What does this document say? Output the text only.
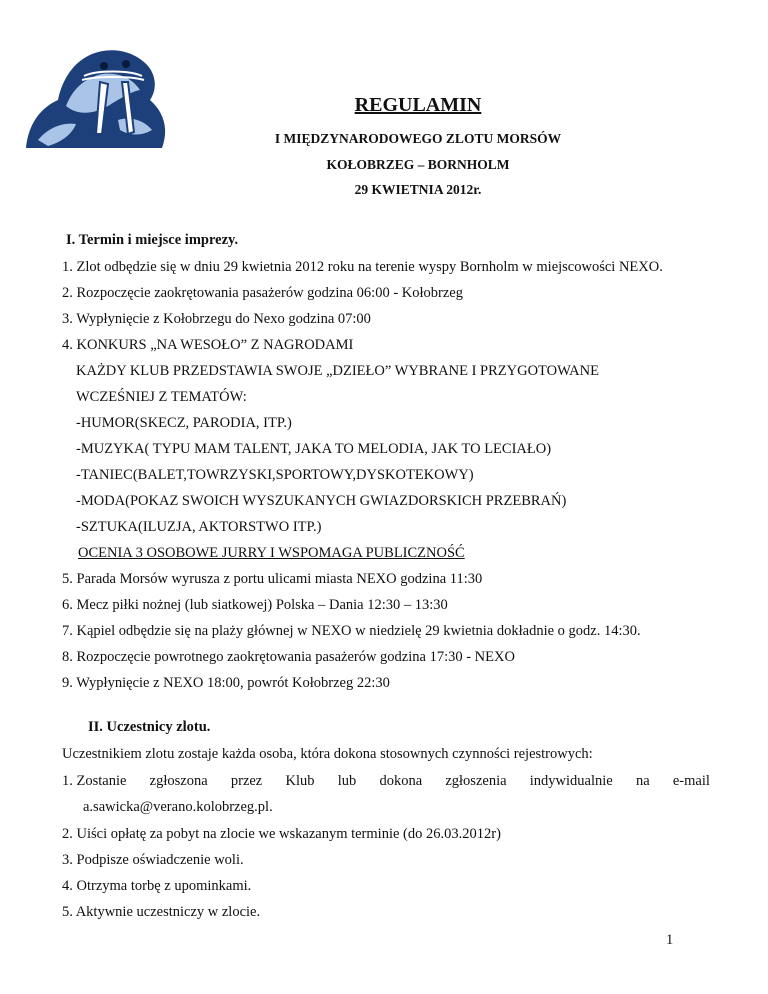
REGULAMIN
I MIĘDZYNARODOWEGO ZLOTU MORSÓW
KOŁOBRZEG – BORNHOLM
29 KWIETNIA 2012r.
I. Termin i miejsce imprezy.
1. Zlot odbędzie się w dniu 29 kwietnia 2012 roku na terenie wyspy Bornholm w miejscowości NEXO.
2. Rozpoczęcie zaokrętowania pasażerów godzina 06:00 - Kołobrzeg
3. Wypłynięcie z Kołobrzegu do Nexo godzina 07:00
4. KONKURS „NA WESOŁO” Z NAGRODAMI
KAŻDY KLUB PRZEDSTAWIA SWOJE „DZIEŁO” WYBRANE I PRZYGOTOWANE
WCZEŚNIEJ Z TEMATÓW:
-HUMOR(SKECZ, PARODIA, ITP.)
-MUZYKA( TYPU MAM TALENT, JAKA TO MELODIA, JAK TO LECIAŁO)
-TANIEC(BALET,TOWRZYSKI,SPORTOWY,DYSKOTEKOWY)
-MODA(POKAZ SWOICH WYSZUKANYCH GWIAZDORSKICH PRZEBRAŃ)
-SZTUKA(ILUZJA, AKTORSTWO ITP.)
OCENIA 3 OSOBOWE JURRY I WSPOMAGA PUBLICZNOŚĆ
5. Parada Morsów wyrusza z portu ulicami miasta NEXO godzina 11:30
6. Mecz piłki nożnej (lub siatkowej) Polska – Dania 12:30 – 13:30
7. Kąpiel odbędzie się na plaży głównej w NEXO w niedzielę 29 kwietnia dokładnie o godz. 14:30.
8. Rozpoczęcie powrotnego zaokrętowania pasażerów godzina 17:30 - NEXO
9. Wypłynięcie z NEXO 18:00, powrót Kołobrzeg 22:30
II. Uczestnicy zlotu.
Uczestnikiem zlotu zostaje każda osoba, która dokona stosownych czynności rejestrowych:
1. Zostanie zgłoszona przez Klub lub dokona zgłoszenia indywidualnie na e-mail
a.sawicka@verano.kolobrzeg.pl.
2. Uiści opłatę za pobyt na zlocie we wskazanym terminie (do 26.03.2012r)
3. Podpisze oświadczenie woli.
4. Otrzyma torbę z upominkami.
5. Aktywnie uczestniczy w zlocie.
1
